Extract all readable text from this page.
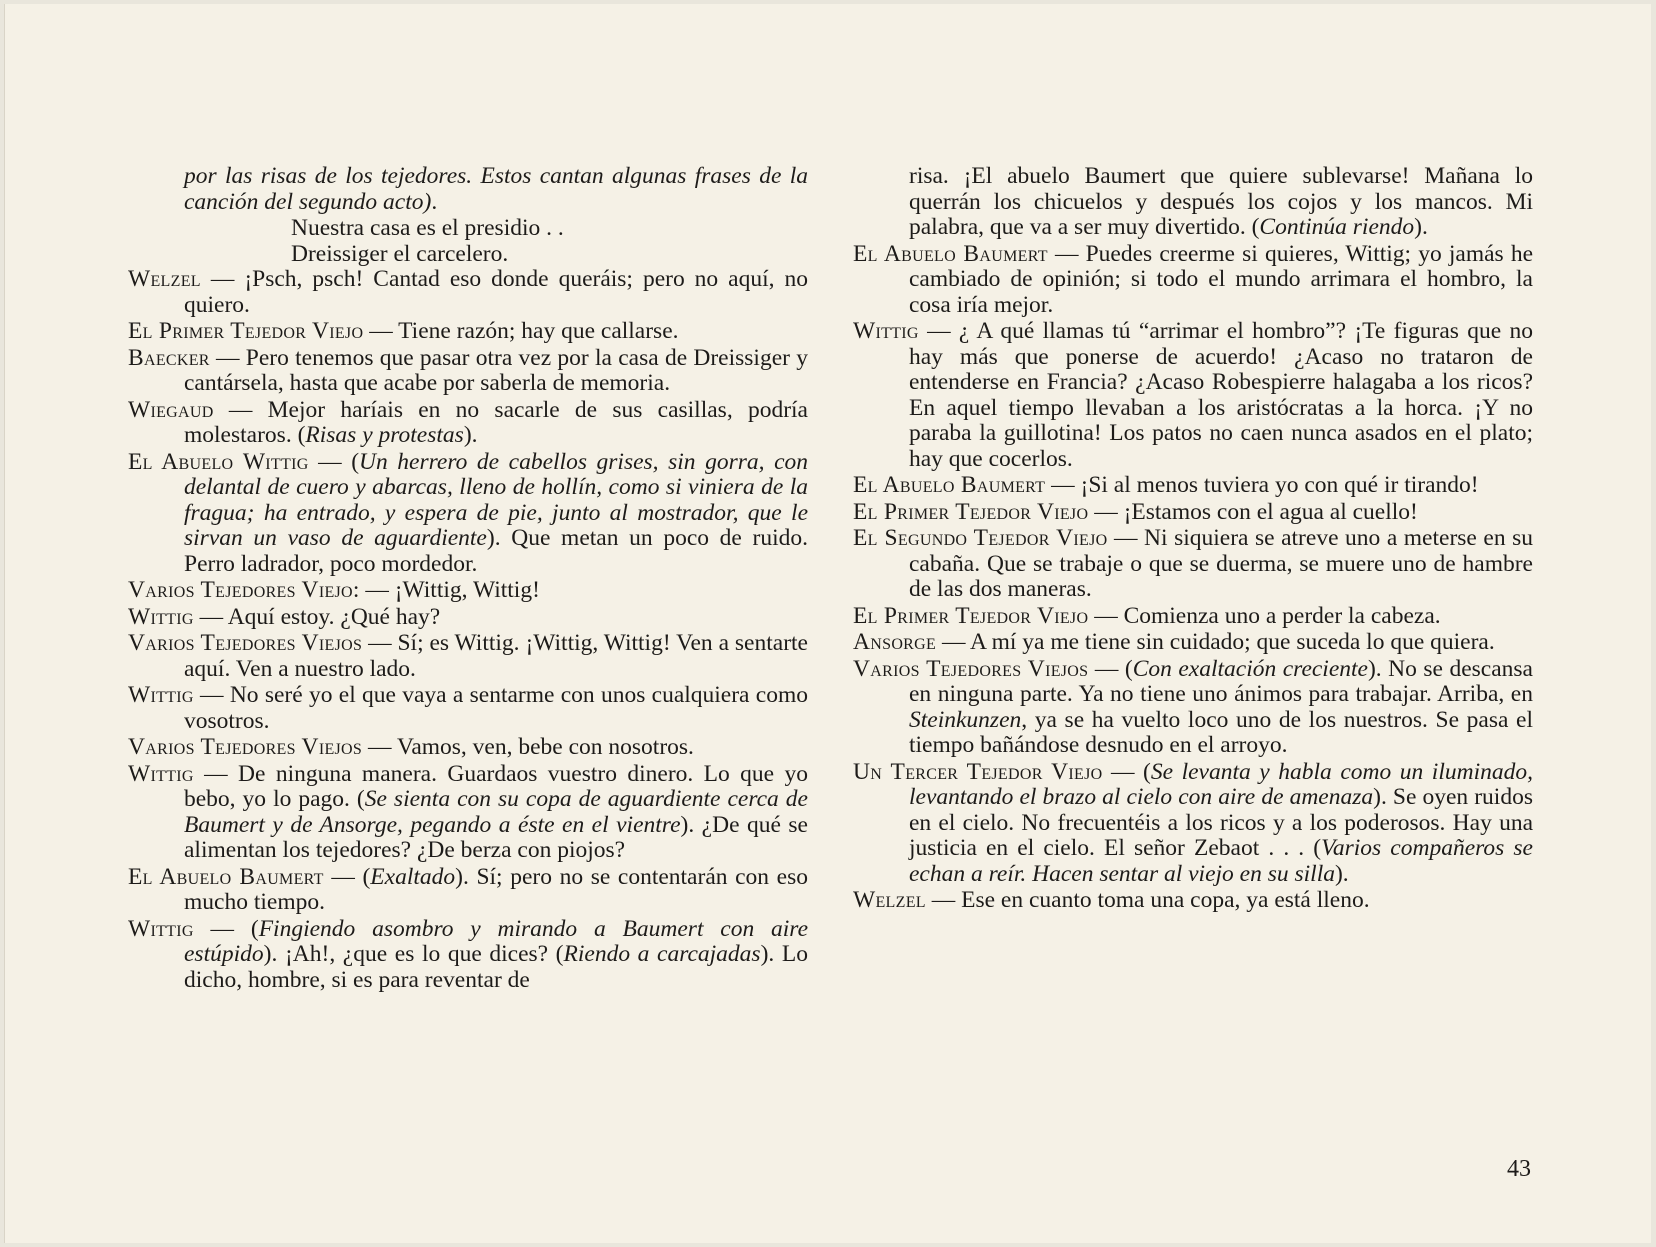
por las risas de los tejedores. Estos cantan algunas frases de la canción del segundo acto).

Nuestra casa es el presidio . .

Dreissiger el carcelero.

Welzel — ¡Psch, psch! Cantad eso donde queráis; pero no aquí, no quiero.

El Primer Tejedor Viejo — Tiene razón; hay que callarse.

Baecker — Pero tenemos que pasar otra vez por la casa de Dreissiger y cantársela, hasta que acabe por saberla de memoria.

Wiegaud — Mejor haríais en no sacarle de sus casillas, podría molestaros. (Risas y protestas).

El Abuelo Wittig — (Un herrero de cabellos grises, sin gorra, con delantal de cuero y abarcas, lleno de hollín, como si viniera de la fragua; ha entrado, y espera de pie, junto al mostrador, que le sirvan un vaso de aguardiente). Que metan un poco de ruido. Perro ladrador, poco mordedor.

Varios Tejedores Viejo: — ¡Wittig, Wittig!

Wittig — Aquí estoy. ¿Qué hay?

Varios Tejedores Viejos — Sí; es Wittig. ¡Wittig, Wittig! Ven a sentarte aquí. Ven a nuestro lado.

Wittig — No seré yo el que vaya a sentarme con unos cualquiera como vosotros.

Varios Tejedores Viejos — Vamos, ven, bebe con nosotros.

Wittig — De ninguna manera. Guardaos vuestro dinero. Lo que yo bebo, yo lo pago. (Se sienta con su copa de aguardiente cerca de Baumert y de Ansorge, pegando a éste en el vientre). ¿De qué se alimentan los tejedores? ¿De berza con piojos?

El Abuelo Baumert — (Exaltado). Sí; pero no se contentarán con eso mucho tiempo.

Wittig — (Fingiendo asombro y mirando a Baumert con aire estúpido). ¡Ah!, ¿que es lo que dices? (Riendo a carcajadas). Lo dicho, hombre, si es para reventar de

risa. ¡El abuelo Baumert que quiere sublevarse! Mañana lo querrán los chicuelos y después los cojos y los mancos. Mi palabra, que va a ser muy divertido. (Continúa riendo).

El Abuelo Baumert — Puedes creerme si quieres, Wittig; yo jamás he cambiado de opinión; si todo el mundo arrimara el hombro, la cosa iría mejor.

Wittig — ¿ A qué llamas tú “arrimar el hombro”? ¡Te figuras que no hay más que ponerse de acuerdo! ¿Acaso no trataron de entenderse en Francia? ¿Acaso Robespierre halagaba a los ricos? En aquel tiempo llevaban a los aristócratas a la horca. ¡Y no paraba la guillotina! Los patos no caen nunca asados en el plato; hay que cocerlos.

El Abuelo Baumert — ¡Si al menos tuviera yo con qué ir tirando!

El Primer Tejedor Viejo — ¡Estamos con el agua al cuello!

El Segundo Tejedor Viejo — Ni siquiera se atreve uno a meterse en su cabaña. Que se trabaje o que se duerma, se muere uno de hambre de las dos maneras.

El Primer Tejedor Viejo — Comienza uno a perder la cabeza.

Ansorge — A mí ya me tiene sin cuidado; que suceda lo que quiera.

Varios Tejedores Viejos — (Con exaltación creciente). No se descansa en ninguna parte. Ya no tiene uno ánimos para trabajar. Arriba, en Steinkunzen, ya se ha vuelto loco uno de los nuestros. Se pasa el tiempo bañándose desnudo en el arroyo.

Un Tercer Tejedor Viejo — (Se levanta y habla como un iluminado, levantando el brazo al cielo con aire de amenaza). Se oyen ruidos en el cielo. No frecuentéis a los ricos y a los poderosos. Hay una justicia en el cielo. El señor Zebaot . . . (Varios compañeros se echan a reír. Hacen sentar al viejo en su silla).

Welzel — Ese en cuanto toma una copa, ya está lleno.

43
